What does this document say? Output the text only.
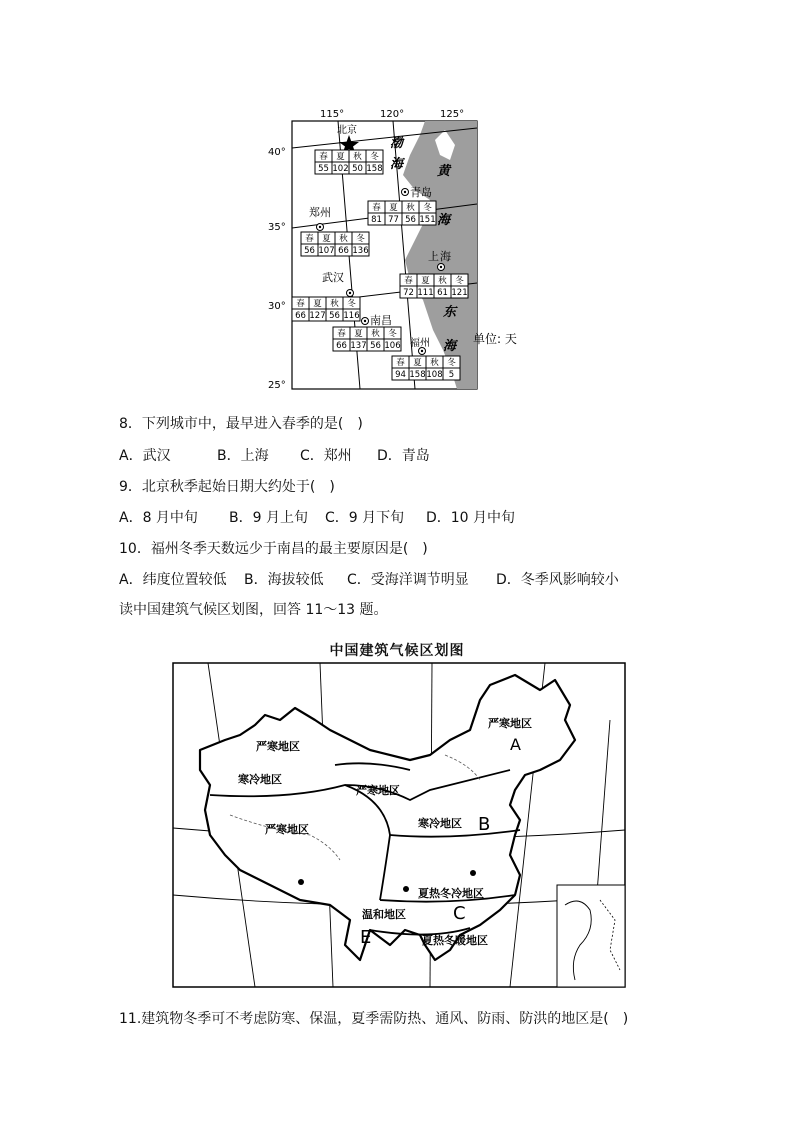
115°	120°	125°
40°
35°
30°
25°
渤
海	黄
海
上 海
东
海
北京
青岛
郑州
武汉
南昌
福州
春 夏 秋 冬
55 102 50 158
春 夏 秋 冬
81 77 56 151
春 夏 秋 冬
56 107 66 136
春 夏 秋 冬
72 111 61 121
春 夏 秋 冬
66 127 56 116
春 夏 秋 冬
66 137 56 106
春 夏 秋 冬
94 158 108 5
单位: 天
8．下列城市中，最早进入春季的是(　)
A．武汉	B．上海 C．郑州 D．青岛
9．北京秋季起始日期大约处于(　)
A．8 月中旬 B．9 月上旬 C．9 月下旬 D．10 月中旬
10．福州冬季天数远少于南昌的最主要原因是(　)
A．纬度位置较低 B．海拔较低 C．受海洋调节明显 D．冬季风影响较小
读中国建筑气候区划图，回答 11～13 题。
中国建筑气候区划图
严寒地区
A
严寒地区
寒冷地区
严寒地区
严寒地区	寒冷地区 B
夏热冬冷地区
C
温和地区
E	夏热冬暖地区
11.建筑物冬季可不考虑防寒、保温，夏季需防热、通风、防雨、防洪的地区是(　)
